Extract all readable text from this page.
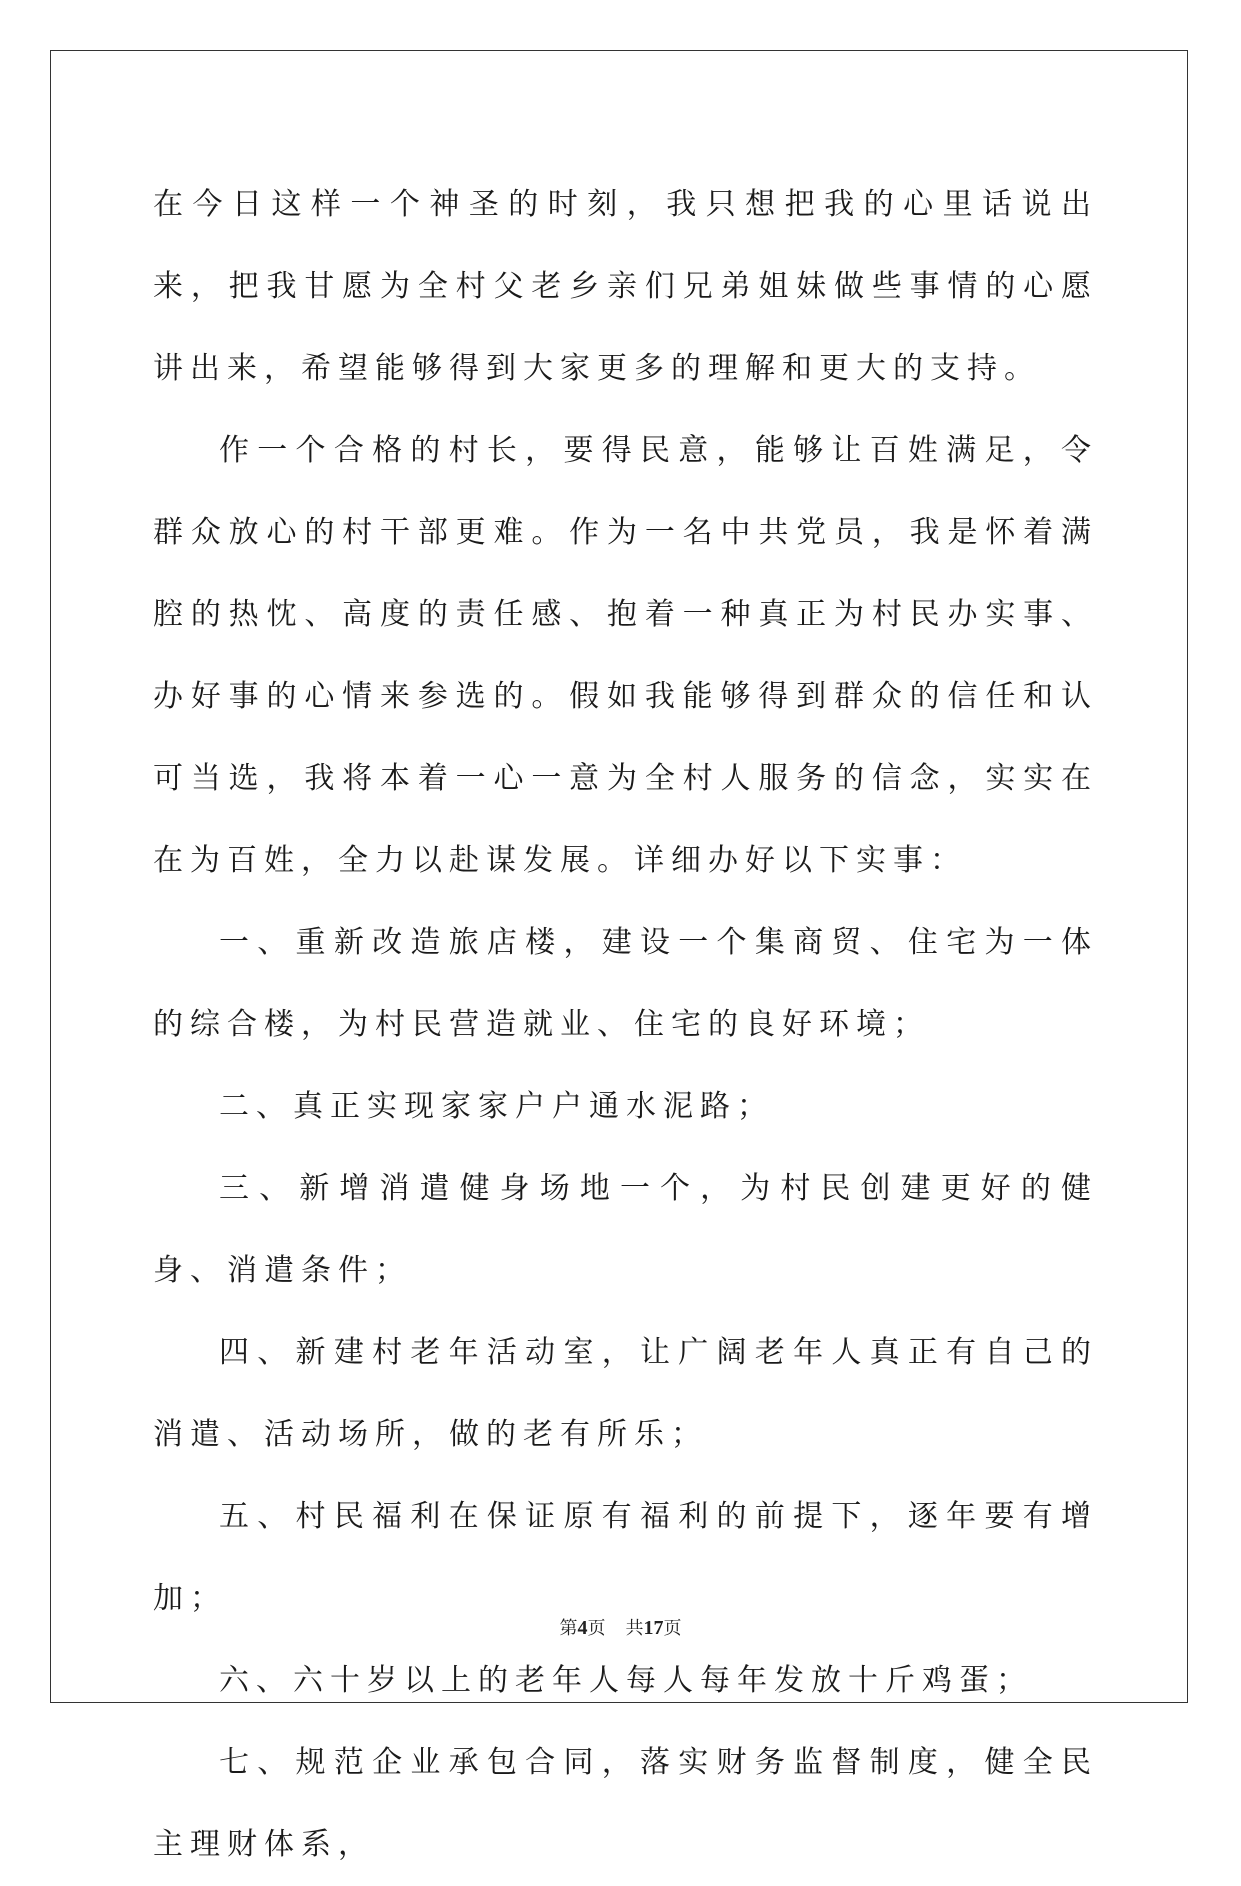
在今日这样一个神圣的时刻，我只想把我的心里话说出来，把我甘愿为全村父老乡亲们兄弟姐妹做些事情的心愿讲出来，希望能够得到大家更多的理解和更大的支持。

作一个合格的村长，要得民意，能够让百姓满足，令群众放心的村干部更难。作为一名中共党员，我是怀着满腔的热忱、高度的责任感、抱着一种真正为村民办实事、办好事的心情来参选的。假如我能够得到群众的信任和认可当选，我将本着一心一意为全村人服务的信念，实实在在为百姓，全力以赴谋发展。详细办好以下实事：

一、重新改造旅店楼，建设一个集商贸、住宅为一体的综合楼，为村民营造就业、住宅的良好环境；

二、真正实现家家户户通水泥路；

三、新增消遣健身场地一个，为村民创建更好的健身、消遣条件；

四、新建村老年活动室，让广阔老年人真正有自己的消遣、活动场所，做的老有所乐；

五、村民福利在保证原有福利的前提下，逐年要有增加；

六、六十岁以上的老年人每人每年发放十斤鸡蛋；

七、规范企业承包合同，落实财务监督制度，健全民主理财体系，

第4页 共17页
